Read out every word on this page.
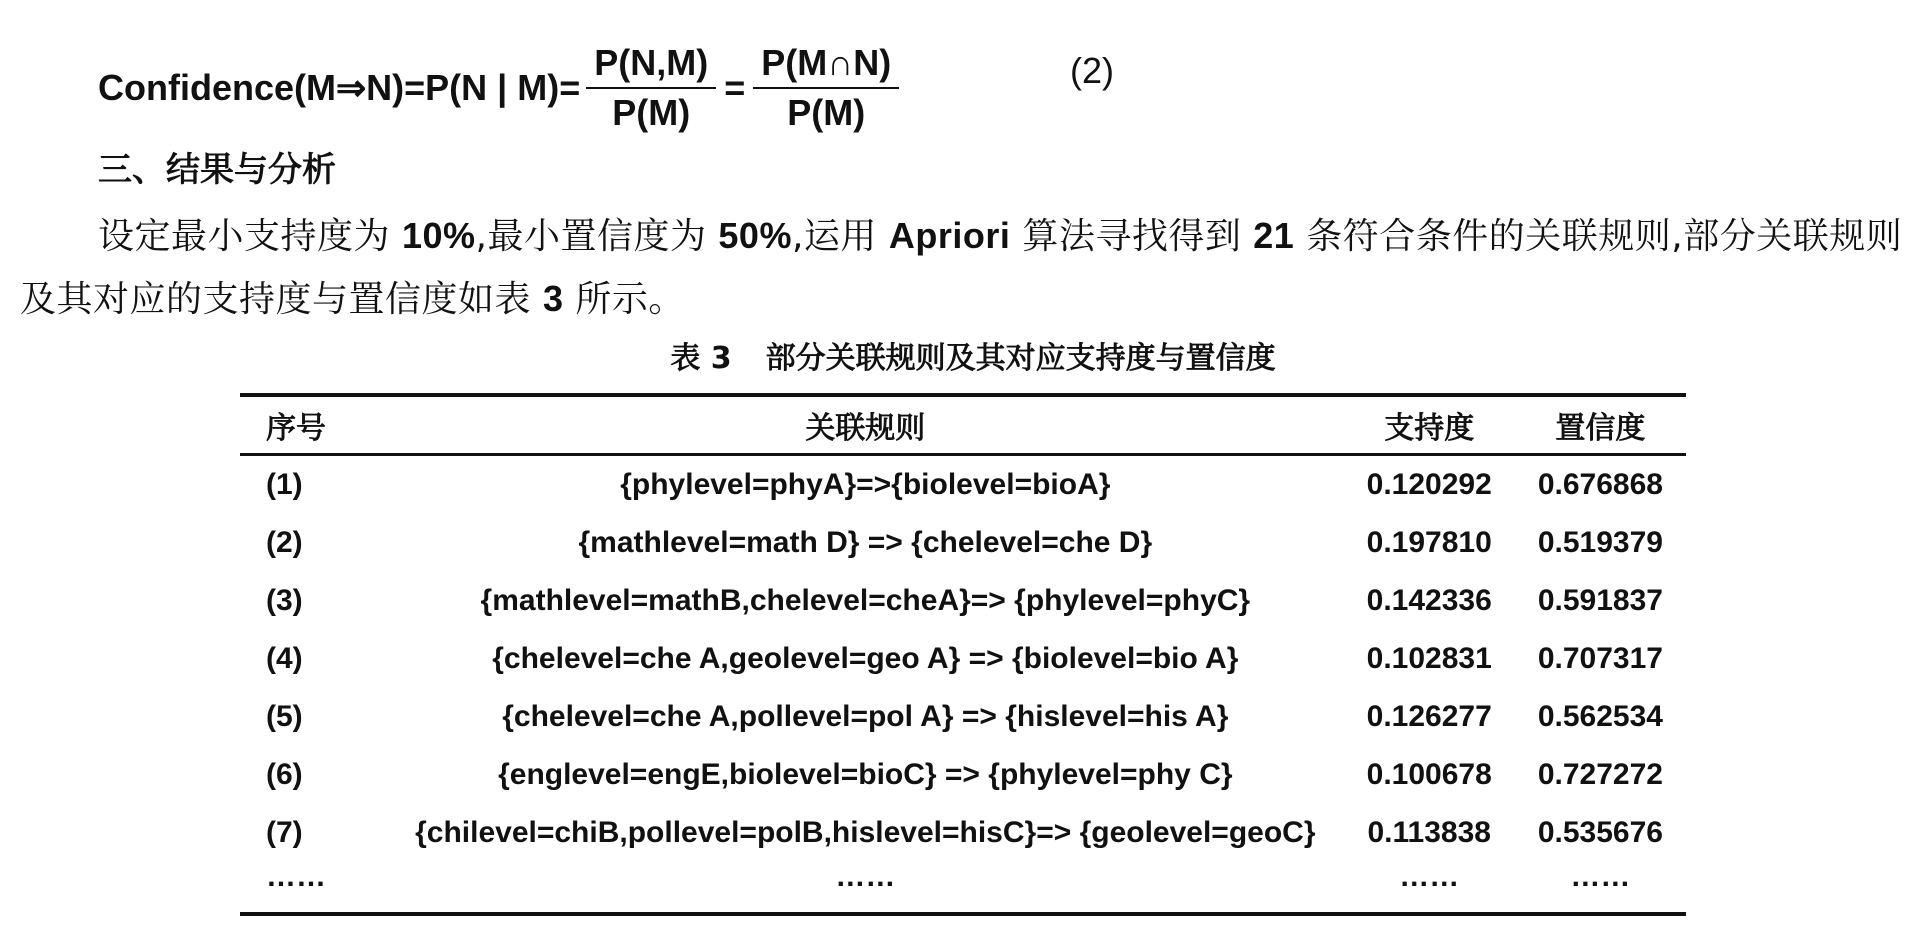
Confidence(M⇒N)=P(N | $M)= \frac{P(N,M)}{P(M)} = \frac{P(M\cap N)}{P(M)}$	(2)
三、结果与分析

设定最小支持度为 10%,最小置信度为 50%,运用 Apriori 算法寻找得到 21 条符合条件的关联规则,部分关联规则及其对应的支持度与置信度如表 3 所示。

表 3 部分关联规则及其对应支持度与置信度
序号	关联规则	支持度	置信度
(1)	{phylevel=phyA}=>{biolevel=bioA}	0.120292	0.676868
(2)	{mathlevel=math D} => {chelevel=che D}	0.197810	0.519379
(3)	{mathlevel=mathB,chelevel=cheA}=> {phylevel=phyC}	0.142336	0.591837
(4)	{chelevel=che A,geolevel=geo A} => {biolevel=bio A}	0.102831	0.707317
(5)	{chelevel=che A,pollevel=pol A} => {hislevel=his A}	0.126277	0.562534
(6)	{englevel=engE,biolevel=bioC} => {phylevel=phy C}	0.100678	0.727272
(7)	{chilevel=chiB,pollevel=polB,hislevel=hisC}=> {geolevel=geoC}	0.113838	0.535676
……	……	……	……
